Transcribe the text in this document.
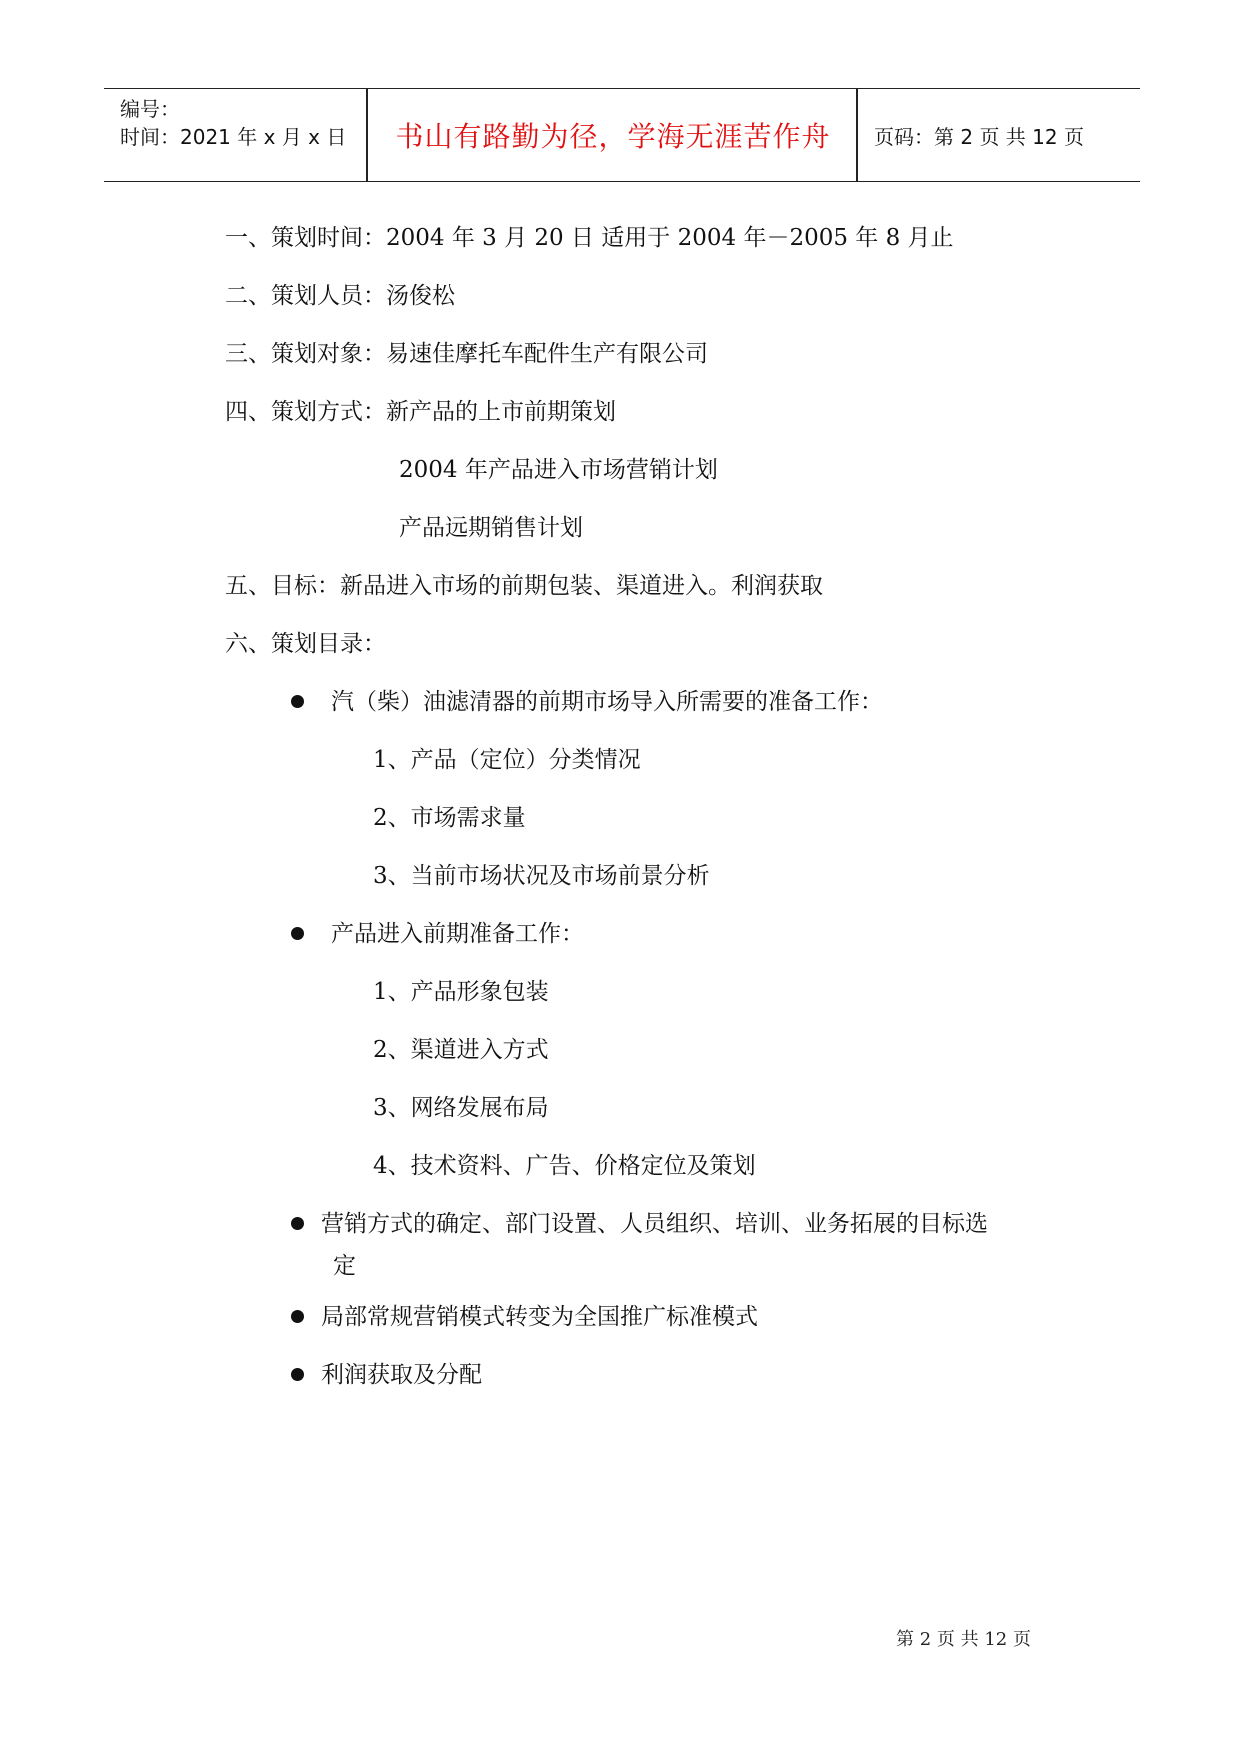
编号：
时间：2021 年 x 月 x 日	书山有路勤为径，学海无涯苦作舟	页码：第 2 页 共 12 页
一、策划时间：2004 年 3 月 20 日 适用于 2004 年－2005 年 8 月止
二、策划人员：汤俊松
三、策划对象：易速佳摩托车配件生产有限公司
四、策划方式：新产品的上市前期策划
2004 年产品进入市场营销计划
产品远期销售计划
五、目标：新品进入市场的前期包装、渠道进入。利润获取
六、策划目录：
汽（柴）油滤清器的前期市场导入所需要的准备工作：
1、产品（定位）分类情况
2、市场需求量
3、当前市场状况及市场前景分析
产品进入前期准备工作：
1、产品形象包装
2、渠道进入方式
3、网络发展布局
4、技术资料、广告、价格定位及策划
营销方式的确定、部门设置、人员组织、培训、业务拓展的目标选
定
局部常规营销模式转变为全国推广标准模式
利润获取及分配
第 2 页 共 12 页
